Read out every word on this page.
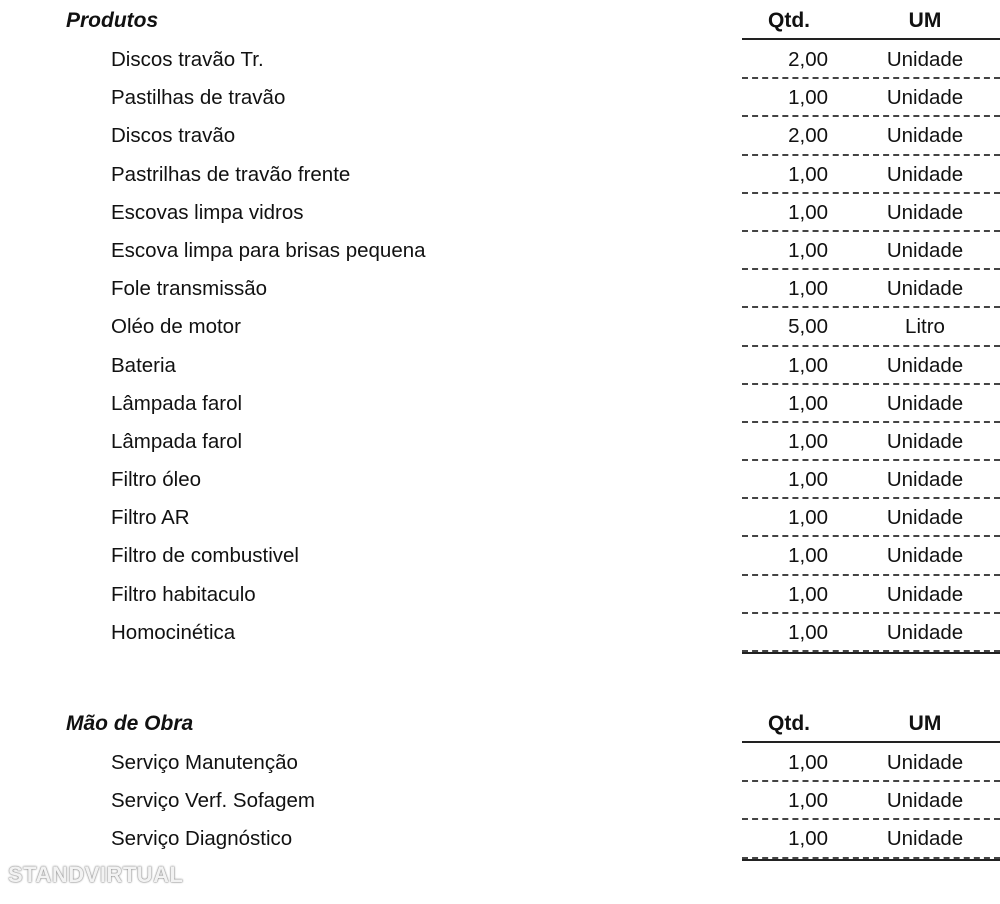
Produtos	Qtd.	UM
Discos travão Tr.	2,00	Unidade
Pastilhas de travão	1,00	Unidade
Discos travão	2,00	Unidade
Pastrilhas de travão frente	1,00	Unidade
Escovas limpa vidros	1,00	Unidade
Escova limpa para brisas pequena	1,00	Unidade
Fole transmissão	1,00	Unidade
Oléo de motor	5,00	Litro
Bateria	1,00	Unidade
Lâmpada farol	1,00	Unidade
Lâmpada farol	1,00	Unidade
Filtro óleo	1,00	Unidade
Filtro AR	1,00	Unidade
Filtro de combustivel	1,00	Unidade
Filtro habitaculo	1,00	Unidade
Homocinética	1,00	Unidade
Mão de Obra	Qtd.	UM
Serviço Manutenção	1,00	Unidade
Serviço Verf. Sofagem	1,00	Unidade
Serviço Diagnóstico	1,00	Unidade
STANDVIRTUAL
